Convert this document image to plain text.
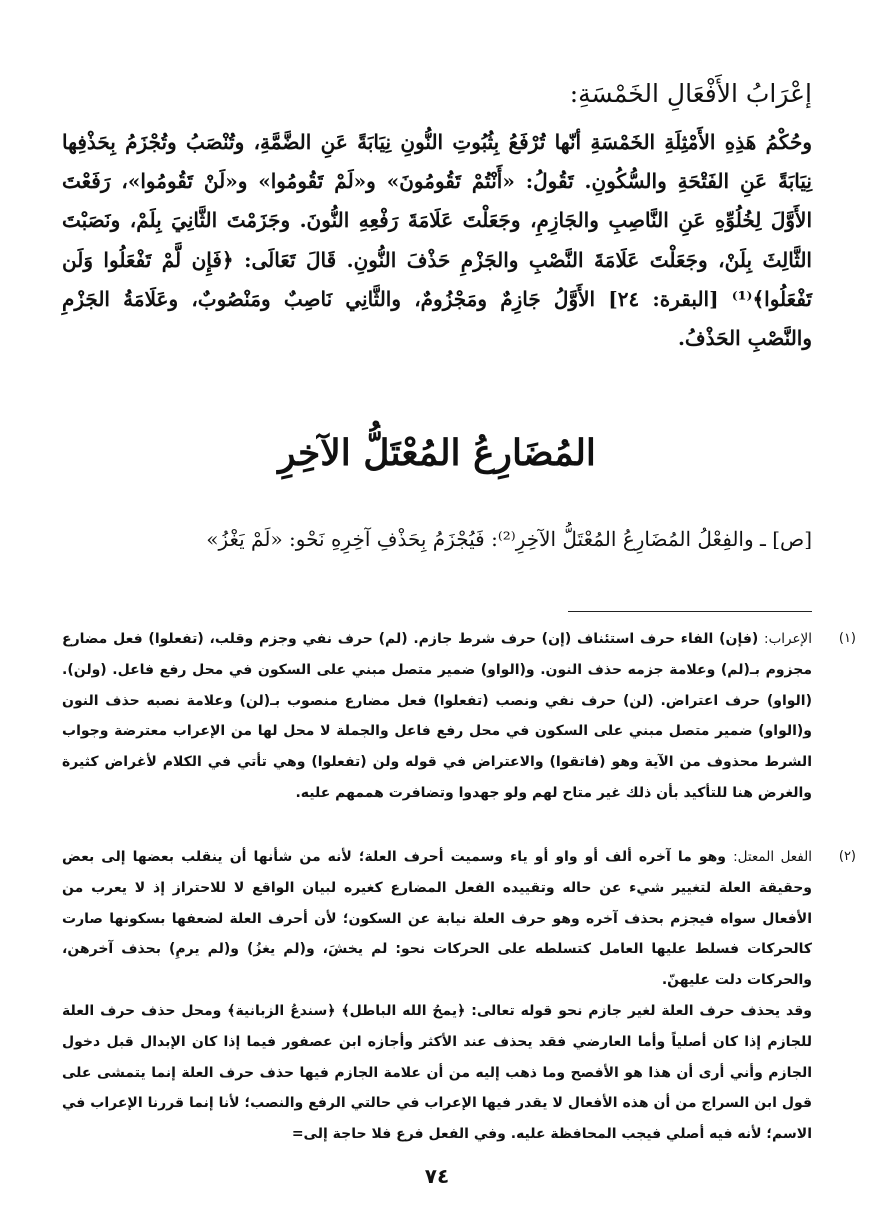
إعْرَابُ الأَفْعَالِ الخَمْسَةِ:
وحُكْمُ هَذِهِ الأَمْثِلَةِ الخَمْسَةِ أنّها تُرْفَعُ بِثُبُوتِ النُّونِ نِيَابَةً عَنِ الضَّمَّةِ، وتُنْصَبُ وتُجْزَمُ بِحَذْفِها نِيَابَةً عَنِ الفَتْحَةِ والسُّكُونِ. تَقُولُ: «أَنْتُمْ تَقُومُونَ» و«لَمْ تَقُومُوا» و«لَنْ تَقُومُوا»، رَفَعْتَ الأَوَّلَ لِخُلُوِّهِ عَنِ النَّاصِبِ والجَازِمِ، وجَعَلْتَ عَلَامَةَ رَفْعِهِ النُّونَ. وجَزَمْتَ الثَّانِيَ بِلَمْ، ونَصَبْتَ الثَّالِثَ بِلَنْ، وجَعَلْتَ عَلَامَةَ النَّصْبِ والجَزْمِ حَذْفَ النُّونِ. قَالَ تَعَالَى: ﴿فَإِن لَّمْ تَفْعَلُوا وَلَن تَفْعَلُوا﴾⁽¹⁾ [البقرة: ٢٤] الأَوَّلُ جَازِمٌ ومَجْزُومٌ، والثَّانِي نَاصِبٌ ومَنْصُوبٌ، وعَلَامَةُ الجَزْمِ والنَّصْبِ الحَذْفُ.
المُضَارِعُ المُعْتَلُّ الآخِرِ
[ص] ـ والفِعْلُ المُضَارِعُ المُعْتَلُّ الآخِرِ⁽²⁾: فَيُجْزَمُ بِحَذْفِ آخِرِهِ نَحْو: «لَمْ يَغْزُ»
(١)
الإعراب: (فإن) الفاء حرف استئناف (إن) حرف شرط جازم. (لم) حرف نفي وجزم وقلب، (تفعلوا) فعل مضارع مجزوم بـ(لم) وعلامة جزمه حذف النون. و(الواو) ضمير متصل مبني على السكون في محل رفع فاعل. (ولن). (الواو) حرف اعتراض. (لن) حرف نفي ونصب (تفعلوا) فعل مضارع منصوب بـ(لن) وعلامة نصبه حذف النون و(الواو) ضمير متصل مبني على السكون في محل رفع فاعل والجملة لا محل لها من الإعراب معترضة وجواب الشرط محذوف من الآية وهو (فاتقوا) والاعتراض في قوله ولن (تفعلوا) وهي تأتي في الكلام لأغراض كثيرة والغرض هنا للتأكيد بأن ذلك غير متاح لهم ولو جهدوا وتضافرت هممهم عليه.
(٢)
الفعل المعتل: وهو ما آخره ألف أو واو أو ياء وسميت أحرف العلة؛ لأنه من شأنها أن ينقلب بعضها إلى بعض وحقيقة العلة لتغيير شيء عن حاله وتقييده الفعل المضارع كغيره لبيان الواقع لا للاحتراز إذ لا يعرب من الأفعال سواه فيجزم بحذف آخره وهو حرف العلة نيابة عن السكون؛ لأن أحرف العلة لضعفها بسكونها صارت كالحركات فسلط عليها العامل كتسلطه على الحركات نحو: لم يخشَ، و(لم يغزُ) و(لم يرمِ) بحذف آخرهن، والحركات دلت عليهنّ.
وقد يحذف حرف العلة لغير جازم نحو قوله تعالى: ﴿يمحُ الله الباطل﴾ ﴿سندعُ الزبانية﴾ ومحل حذف حرف العلة للجازم إذا كان أصلياً وأما العارضي فقد يحذف عند الأكثر وأجازه ابن عصفور فيما إذا كان الإبدال قبل دخول الجازم وأني أرى أن هذا هو الأفصح وما ذهب إليه من أن علامة الجازم فيها حذف حرف العلة إنما يتمشى على قول ابن السراج من أن هذه الأفعال لا يقدر فيها الإعراب في حالتي الرفع والنصب؛ لأنا إنما قررنا الإعراب في الاسم؛ لأنه فيه أصلي فيجب المحافظة عليه. وفي الفعل فرع فلا حاجة إلى=
٧٤
